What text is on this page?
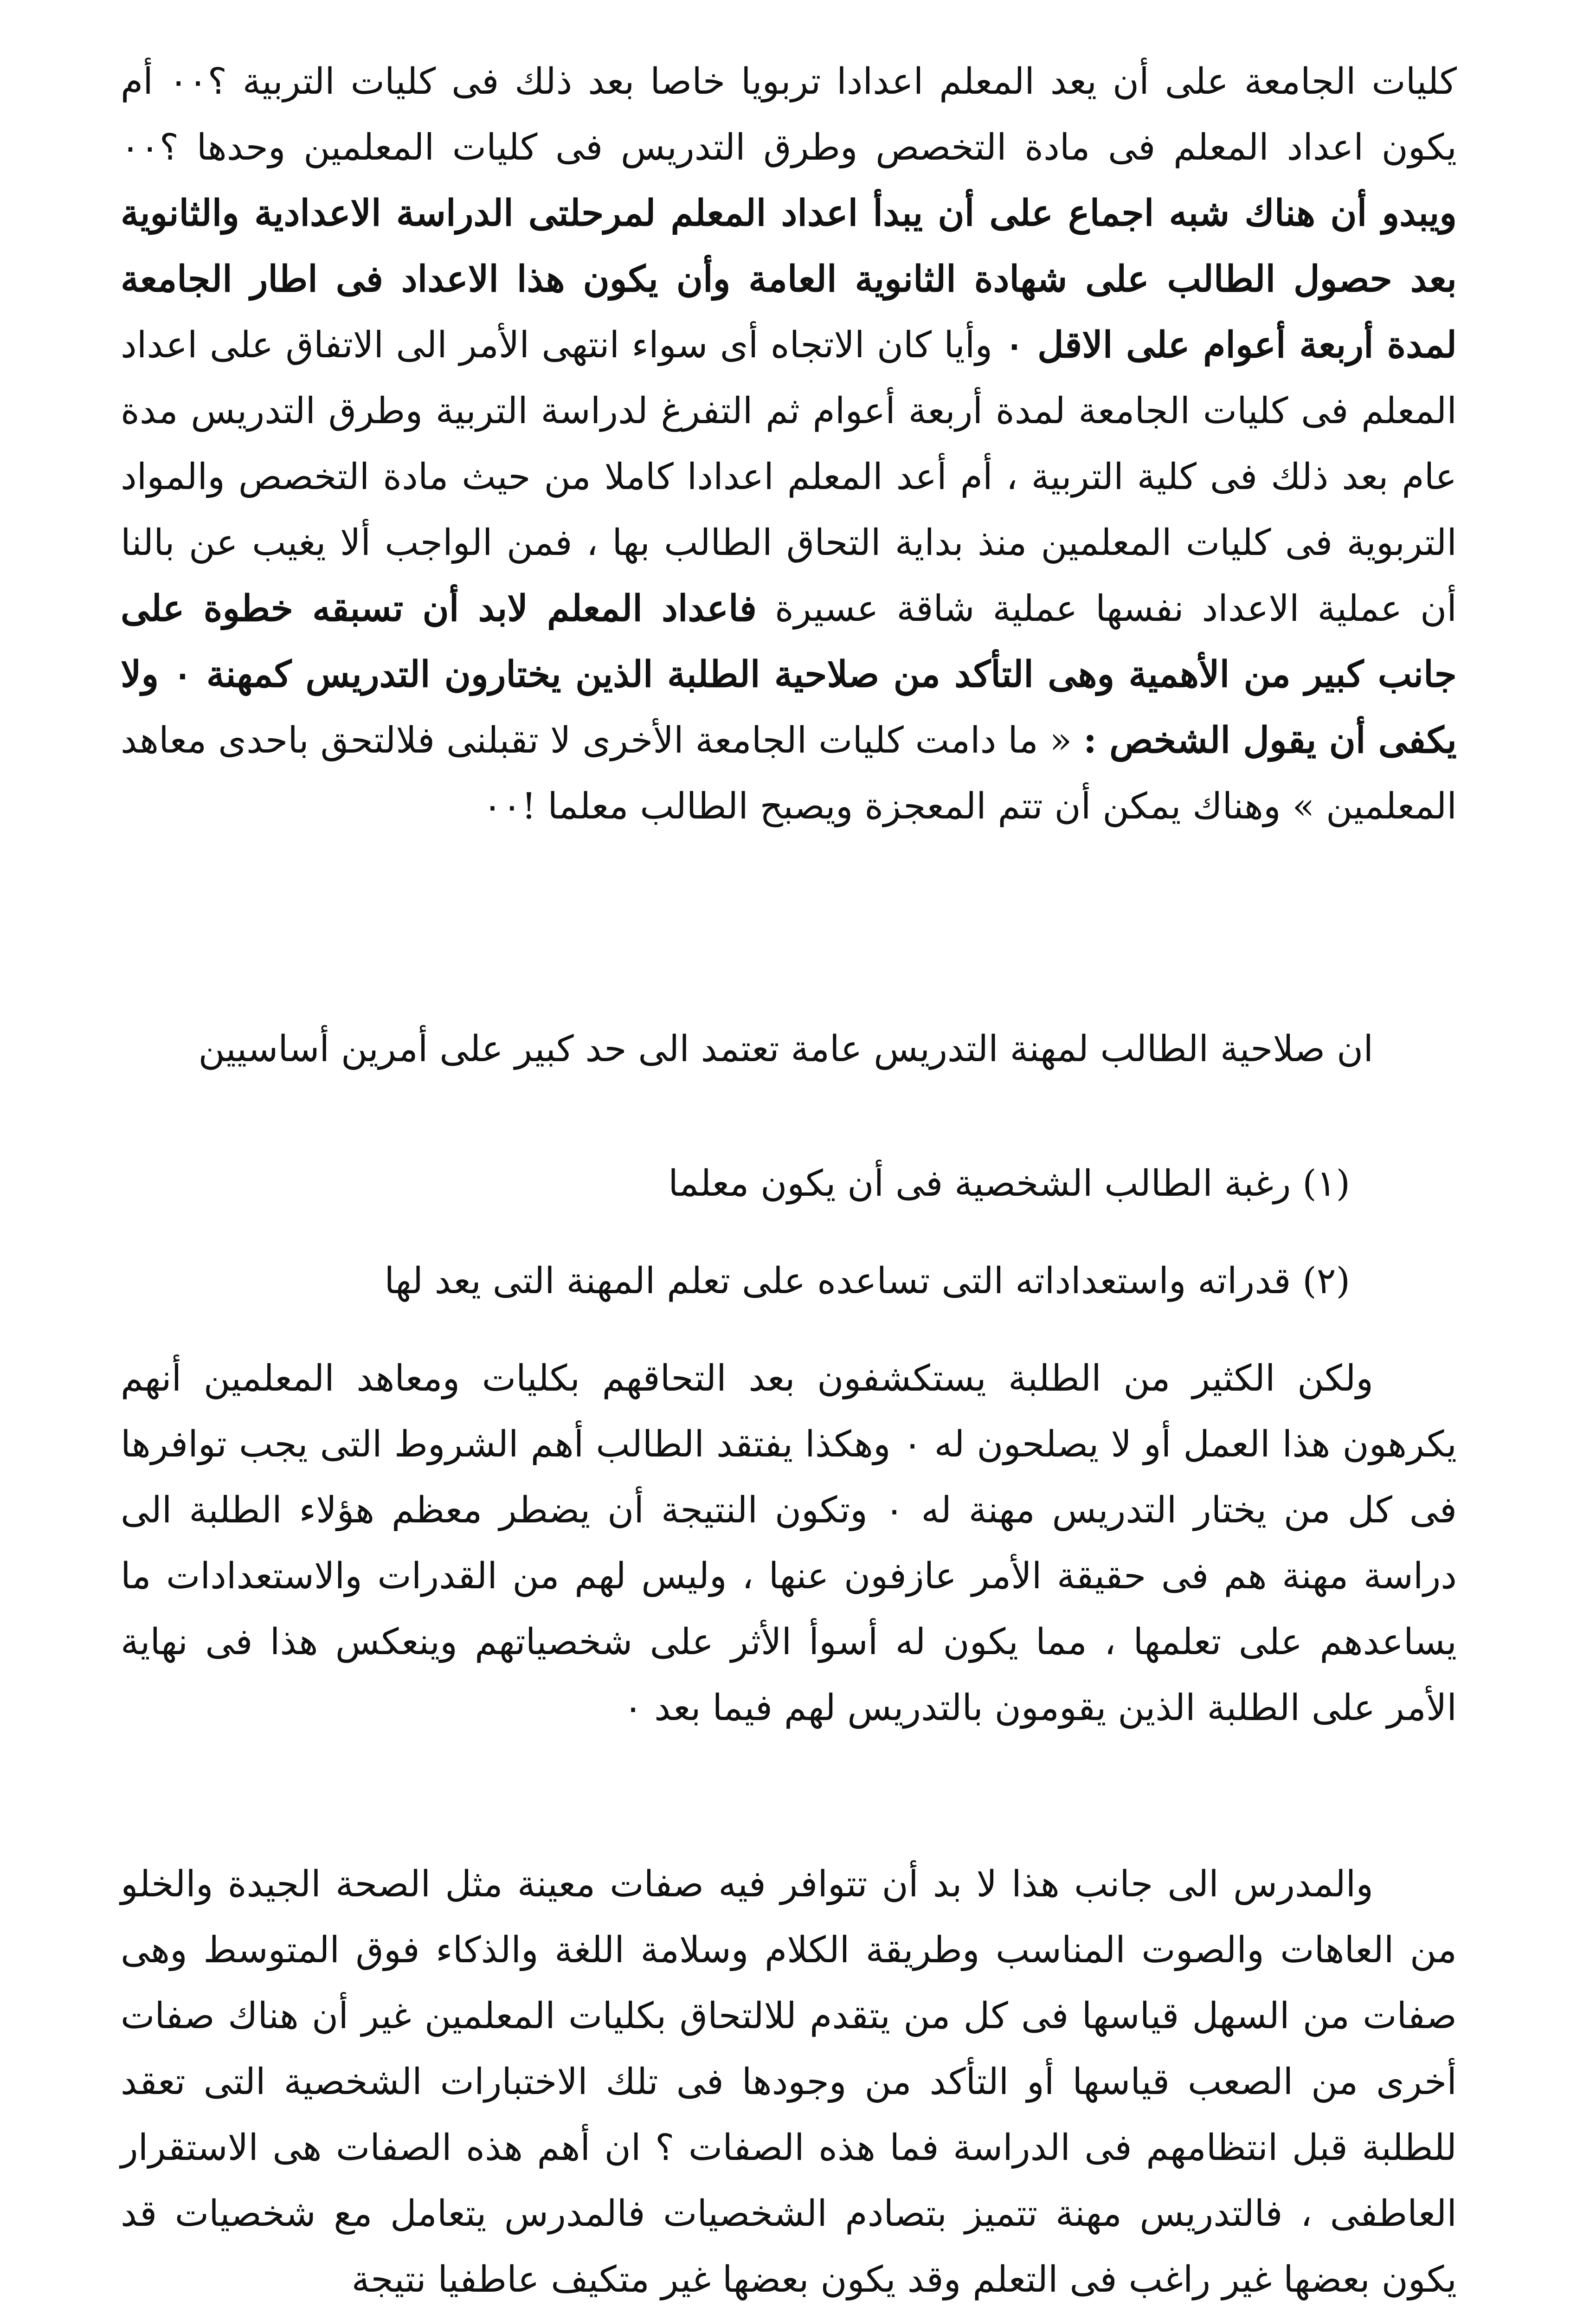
كليات الجامعة على أن يعد المعلم اعدادا تربويا خاصا بعد ذلك فى كليات التربية ؟٠٠ أم يكون اعداد المعلم فى مادة التخصص وطرق التدريس فى كليات المعلمين وحدها ؟٠٠ ويبدو أن هناك شبه اجماع على أن يبدأ اعداد المعلم لمرحلتى الدراسة الاعدادية والثانوية بعد حصول الطالب على شهادة الثانوية العامة وأن يكون هذا الاعداد فى اطار الجامعة لمدة أربعة أعوام على الاقل ٠ وأيا كان الاتجاه أى سواء انتهى الأمر الى الاتفاق على اعداد المعلم فى كليات الجامعة لمدة أربعة أعوام ثم التفرغ لدراسة التربية وطرق التدريس مدة عام بعد ذلك فى كلية التربية ، أم أعد المعلم اعدادا كاملا من حيث مادة التخصص والمواد التربوية فى كليات المعلمين منذ بداية التحاق الطالب بها ، فمن الواجب ألا يغيب عن بالنا أن عملية الاعداد نفسها عملية شاقة عسيرة فاعداد المعلم لابد أن تسبقه خطوة على جانب كبير من الأهمية وهى التأكد من صلاحية الطلبة الذين يختارون التدريس كمهنة ٠ ولا يكفى أن يقول الشخص : « ما دامت كليات الجامعة الأخرى لا تقبلنى فلالتحق باحدى معاهد المعلمين » وهناك يمكن أن تتم المعجزة ويصبح الطالب معلما !٠٠
ان صلاحية الطالب لمهنة التدريس عامة تعتمد الى حد كبير على أمرين أساسيين
(١) رغبة الطالب الشخصية فى أن يكون معلما
(٢) قدراته واستعداداته التى تساعده على تعلم المهنة التى يعد لها
ولكن الكثير من الطلبة يستكشفون بعد التحاقهم بكليات ومعاهد المعلمين أنهم يكرهون هذا العمل أو لا يصلحون له ٠ وهكذا يفتقد الطالب أهم الشروط التى يجب توافرها فى كل من يختار التدريس مهنة له ٠ وتكون النتيجة أن يضطر معظم هؤلاء الطلبة الى دراسة مهنة هم فى حقيقة الأمر عازفون عنها ، وليس لهم من القدرات والاستعدادات ما يساعدهم على تعلمها ، مما يكون له أسوأ الأثر على شخصياتهم وينعكس هذا فى نهاية الأمر على الطلبة الذين يقومون بالتدريس لهم فيما بعد ٠
والمدرس الى جانب هذا لا بد أن تتوافر فيه صفات معينة مثل الصحة الجيدة والخلو من العاهات والصوت المناسب وطريقة الكلام وسلامة اللغة والذكاء فوق المتوسط وهى صفات من السهل قياسها فى كل من يتقدم للالتحاق بكليات المعلمين غير أن هناك صفات أخرى من الصعب قياسها أو التأكد من وجودها فى تلك الاختبارات الشخصية التى تعقد للطلبة قبل انتظامهم فى الدراسة فما هذه الصفات ؟ ان أهم هذه الصفات هى الاستقرار العاطفى ، فالتدريس مهنة تتميز بتصادم الشخصيات فالمدرس يتعامل مع شخصيات قد يكون بعضها غير راغب فى التعلم وقد يكون بعضها غير متكيف عاطفيا نتيجة
